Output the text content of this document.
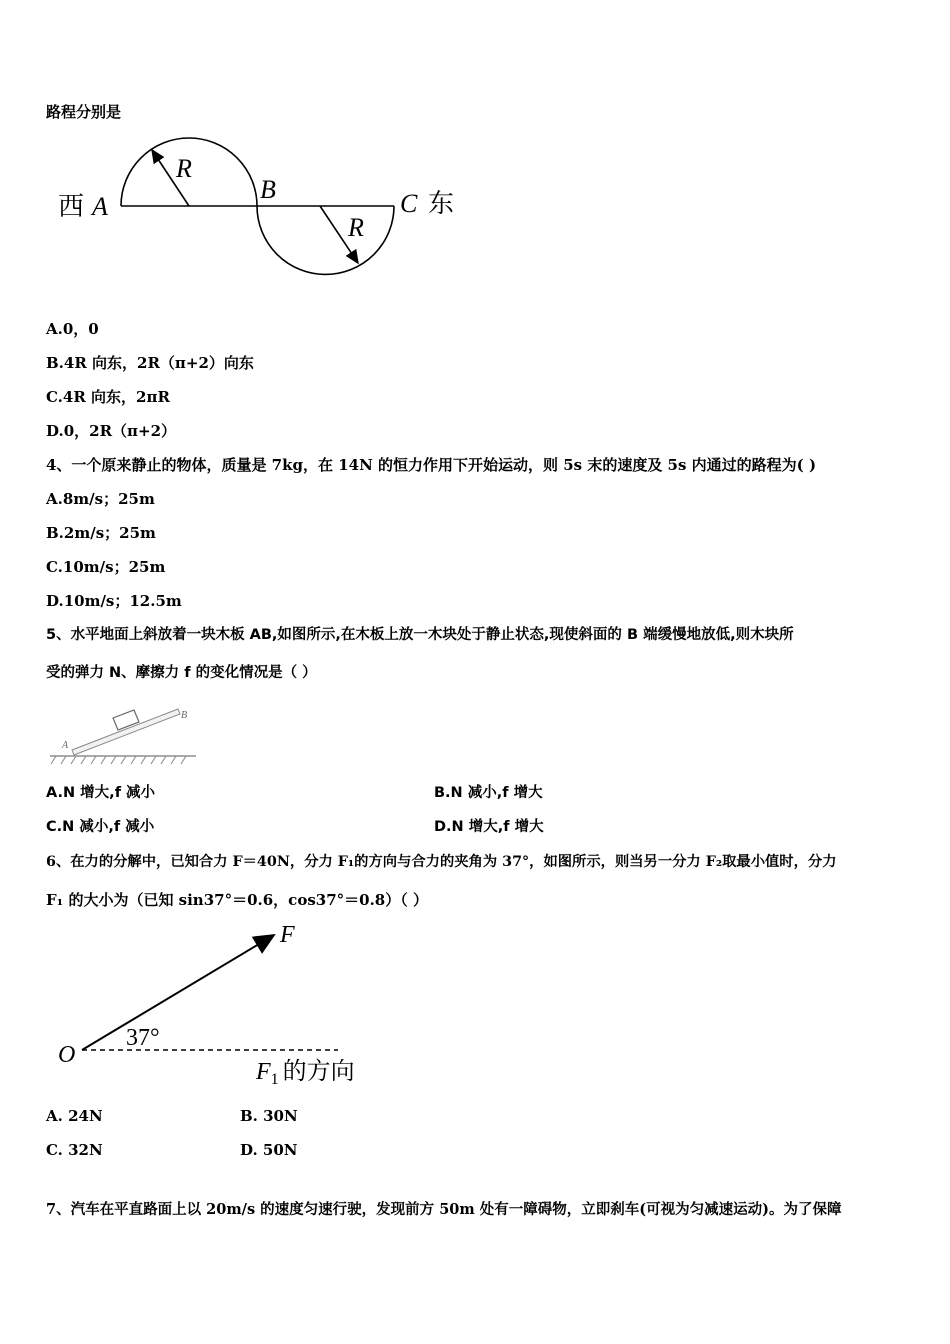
路程分别是
西 A
B	C 东
R
R
A.0，0
B.4R 向东，2R（π+2）向东
C.4R 向东，2πR
D.0，2R（π+2）
4、一个原来静止的物体，质量是 7kg，在 14N 的恒力作用下开始运动，则 5s 末的速度及 5s 内通过的路程为( )
A.8m/s；25m
B.2m/s；25m
C.10m/s；25m
D.10m/s；12.5m
5、水平地面上斜放着一块木板 AB,如图所示,在木板上放一木块处于静止状态,现使斜面的 B 端缓慢地放低,则木块所
受的弹力 N、摩擦力 f 的变化情况是（ ）
A
B
A.N 增大,f 减小	B.N 减小,f 增大
C.N 减小,f 减小	D.N 增大,f 增大
6、在力的分解中，已知合力 F＝40N，分力 F₁的方向与合力的夹角为 37°，如图所示，则当另一分力 F₂取最小值时，分力
F₁ 的大小为（已知 sin37°＝0.6，cos37°＝0.8）（ ）
O
F
37°
$F_1$ 的方向
A. 24N	B. 30N
C. 32N	D. 50N
7、汽车在平直路面上以 20m/s 的速度匀速行驶，发现前方 50m 处有一障碍物，立即刹车(可视为匀减速运动)。为了保障
